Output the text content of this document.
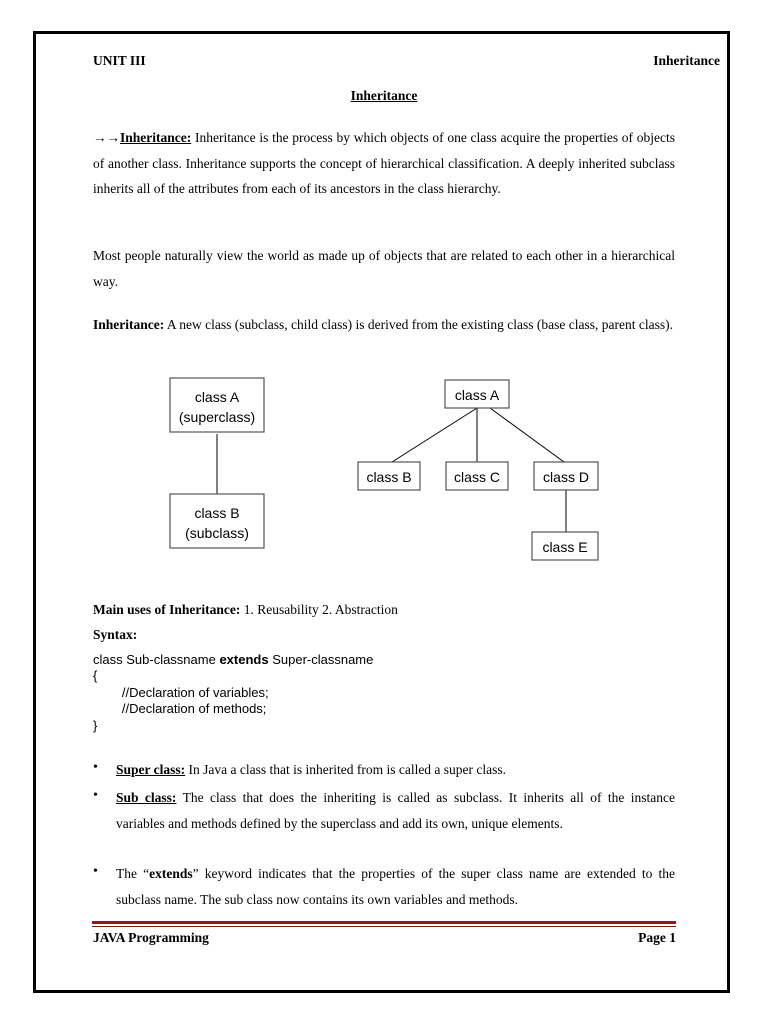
UNIT III	Inheritance
Inheritance
→→Inheritance: Inheritance is the process by which objects of one class acquire the properties of objects of another class. Inheritance supports the concept of hierarchical classification. A deeply inherited subclass inherits all of the attributes from each of its ancestors in the class hierarchy.
Most people naturally view the world as made up of objects that are related to each other in a hierarchical way.
Inheritance: A new class (subclass, child class) is derived from the existing class (base class, parent class).
class A
(superclass)
class B
(subclass)
class A
class B	class C	class D
class E
Main uses of Inheritance: 1. Reusability 2. Abstraction
Syntax:
class Sub-classname extends Super-classname
{
//Declaration of variables;
//Declaration of methods;
}
• Super class: In Java a class that is inherited from is called a super class.
• Sub class: The class that does the inheriting is called as subclass. It inherits all of the instance variables and methods defined by the superclass and add its own, unique elements.
• The “extends” keyword indicates that the properties of the super class name are extended to the subclass name. The sub class now contains its own variables and methods.
JAVA Programming	Page 1
